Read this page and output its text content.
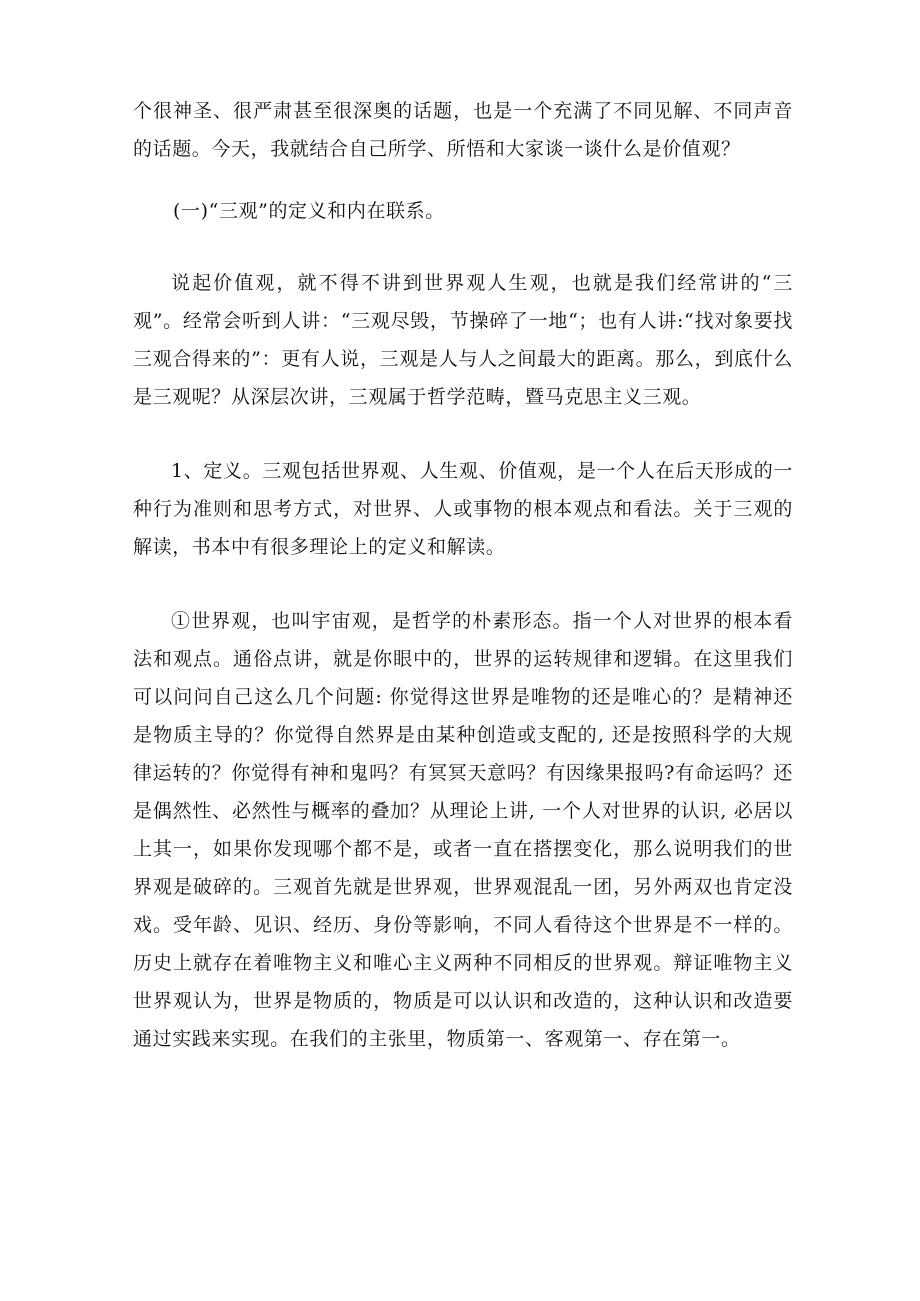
个很神圣、很严肃甚至很深奥的话题，也是一个充满了不同见解、不同声音的话题。今天，我就结合自己所学、所悟和大家谈一谈什么是价值观？

(一)“三观”的定义和内在联系。

说起价值观，就不得不讲到世界观人生观，也就是我们经常讲的“三观”。经常会听到人讲：“三观尽毁，节操碎了一地“；也有人讲:“找对象要找三观合得来的”：更有人说，三观是人与人之间最大的距离。那么，到底什么是三观呢？从深层次讲，三观属于哲学范畴，暨马克思主义三观。

1、定义。三观包括世界观、人生观、价值观，是一个人在后天形成的一种行为准则和思考方式，对世界、人或事物的根本观点和看法。关于三观的解读，书本中有很多理论上的定义和解读。

①世界观，也叫宇宙观，是哲学的朴素形态。指一个人对世界的根本看法和观点。通俗点讲，就是你眼中的，世界的运转规律和逻辑。在这里我们可以问问自己这么几个问题: 你觉得这世界是唯物的还是唯心的？是精神还是物质主导的？你觉得自然界是由某种创造或支配的, 还是按照科学的大规律运转的？你觉得有神和鬼吗？有冥冥天意吗？有因缘果报吗?有命运吗？还是偶然性、必然性与概率的叠加？从理论上讲, 一个人对世界的认识, 必居以上其一，如果你发现哪个都不是，或者一直在搭摆变化，那么说明我们的世界观是破碎的。三观首先就是世界观，世界观混乱一团，另外两双也肯定没戏。受年龄、见识、经历、身份等影响，不同人看待这个世界是不一样的。历史上就存在着唯物主义和唯心主义两种不同相反的世界观。辩证唯物主义世界观认为，世界是物质的，物质是可以认识和改造的，这种认识和改造要通过实践来实现。在我们的主张里，物质第一、客观第一、存在第一。
